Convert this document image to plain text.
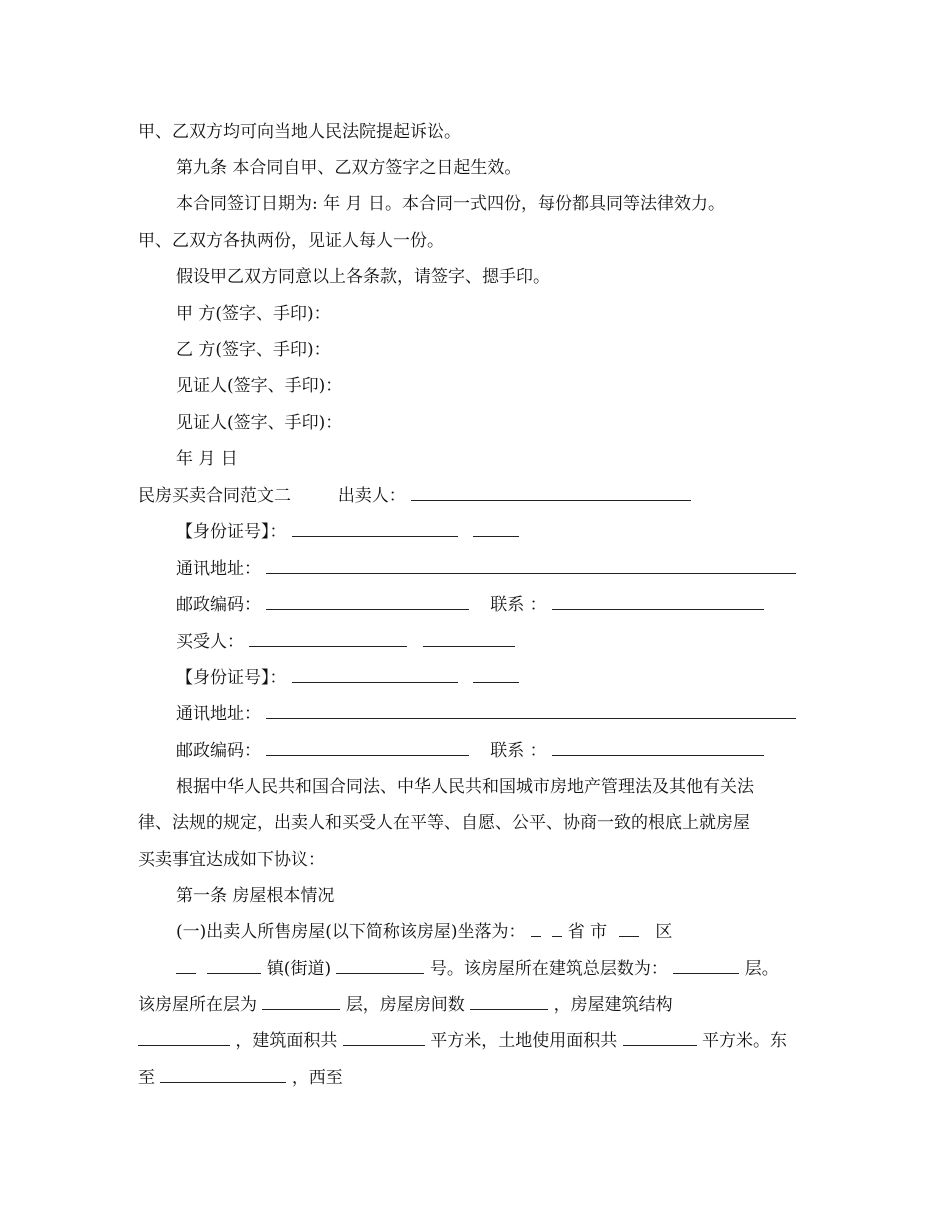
甲、乙双方均可向当地人民法院提起诉讼。
第九条 本合同自甲、乙双方签字之日起生效。
本合同签订日期为: 年 月 日。本合同一式四份，每份都具同等法律效力。
甲、乙双方各执两份，见证人每人一份。
假设甲乙双方同意以上各条款，请签字、摁手印。
甲 方(签字、手印)：
乙 方(签字、手印)：
见证人(签字、手印)：
见证人(签字、手印)：
年 月 日
民房买卖合同范文二	出卖人：
【身份证号】：
通讯地址：
邮政编码：	联系 ：
买受人：
【身份证号】：
通讯地址：
邮政编码：	联系 ：
根据中华人民共和国合同法、中华人民共和国城市房地产管理法及其他有关法
律、法规的规定，出卖人和买受人在平等、自愿、公平、协商一致的根底上就房屋
买卖事宜达成如下协议：
第一条 房屋根本情况
(一)出卖人所售房屋(以下简称该房屋)坐落为： 省 市	区
镇(街道)	号。该房屋所在建筑总层数为：	层。
该房屋所在层为	层，房屋房间数	，房屋建筑结构
，建筑面积共	平方米，土地使用面积共	平方米。东
至	，西至
